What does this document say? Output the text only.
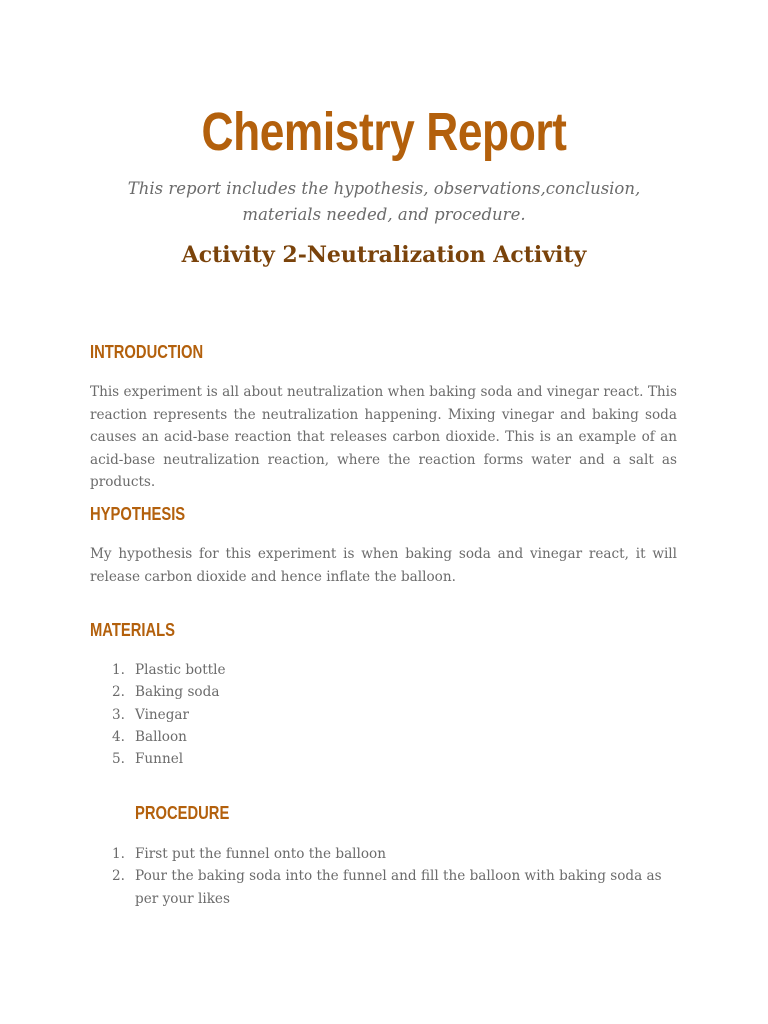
Chemistry Report

This report includes the hypothesis, observations,conclusion, materials needed, and procedure.

Activity 2-Neutralization Activity
INTRODUCTION

This experiment is all about neutralization when baking soda and vinegar react. This reaction represents the neutralization happening. Mixing vinegar and baking soda causes an acid-base reaction that releases carbon dioxide. This is an example of an acid-base neutralization reaction, where the reaction forms water and a salt as products.

HYPOTHESIS

My hypothesis for this experiment is when baking soda and vinegar react, it will release carbon dioxide and hence inflate the balloon.

MATERIALS
1. Plastic bottle
2. Baking soda
3. Vinegar
4. Balloon
5. Funnel
PROCEDURE
1. First put the funnel onto the balloon
2. Pour the baking soda into the funnel and fill the balloon with baking soda as per your likes
